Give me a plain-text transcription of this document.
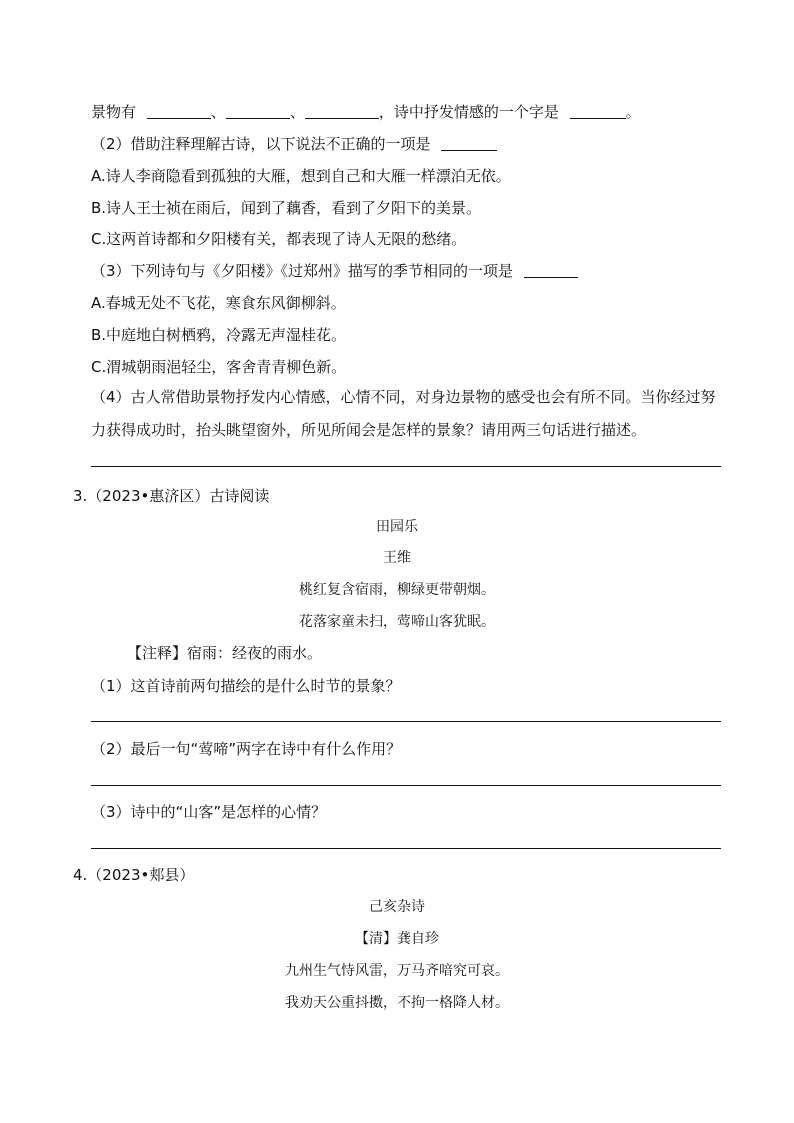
景物有	、	、	，诗中抒发情感的一个字是	。
（2）借助注释理解古诗，以下说法不正确的一项是
A.诗人李商隐看到孤独的大雁，想到自己和大雁一样漂泊无依。
B.诗人王士祯在雨后，闻到了藕香，看到了夕阳下的美景。
C.这两首诗都和夕阳楼有关，都表现了诗人无限的愁绪。
（3）下列诗句与《夕阳楼》《过郑州》描写的季节相同的一项是
A.春城无处不飞花，寒食东风御柳斜。
B.中庭地白树栖鸦，冷露无声湿桂花。
C.渭城朝雨浥轻尘，客舍青青柳色新。
（4）古人常借助景物抒发内心情感，心情不同，对身边景物的感受也会有所不同。当你经过努力获得成功时，抬头眺望窗外，所见所闻会是怎样的景象？请用两三句话进行描述。
3.（2023•惠济区）古诗阅读
田园乐
王维
桃红复含宿雨，柳绿更带朝烟。
花落家童未扫，莺啼山客犹眠。
【注释】宿雨：经夜的雨水。
（1）这首诗前两句描绘的是什么时节的景象？
（2）最后一句“莺啼”两字在诗中有什么作用？
（3）诗中的“山客”是怎样的心情？
4.（2023•郏县）
己亥杂诗
【清】龚自珍
九州生气恃风雷，万马齐喑究可哀。
我劝天公重抖擞，不拘一格降人材。
